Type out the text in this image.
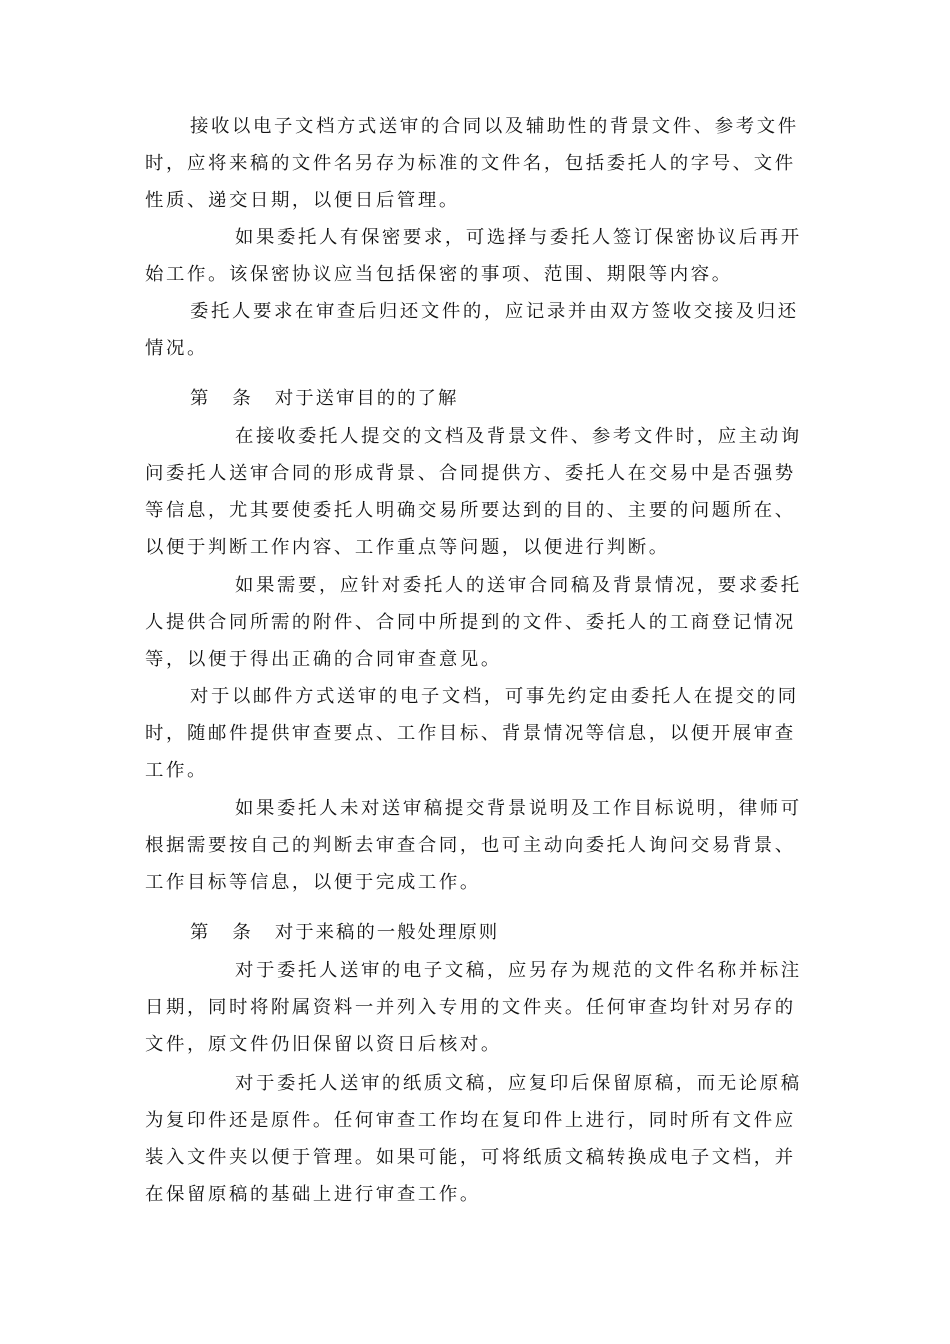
接收以电子文档方式送审的合同以及辅助性的背景文件、参考文件
时，应将来稿的文件名另存为标准的文件名，包括委托人的字号、文件
性质、递交日期，以便日后管理。
如果委托人有保密要求，可选择与委托人签订保密协议后再开
始工作。该保密协议应当包括保密的事项、范围、期限等内容。
委托人要求在审查后归还文件的，应记录并由双方签收交接及归还
情况。
第 条 对于送审目的的了解
在接收委托人提交的文档及背景文件、参考文件时，应主动询
问委托人送审合同的形成背景、合同提供方、委托人在交易中是否强势
等信息，尤其要使委托人明确交易所要达到的目的、主要的问题所在、
以便于判断工作内容、工作重点等问题，以便进行判断。
如果需要，应针对委托人的送审合同稿及背景情况，要求委托
人提供合同所需的附件、合同中所提到的文件、委托人的工商登记情况
等，以便于得出正确的合同审查意见。
对于以邮件方式送审的电子文档，可事先约定由委托人在提交的同
时，随邮件提供审查要点、工作目标、背景情况等信息，以便开展审查
工作。
如果委托人未对送审稿提交背景说明及工作目标说明，律师可
根据需要按自己的判断去审查合同，也可主动向委托人询问交易背景、
工作目标等信息，以便于完成工作。
第 条 对于来稿的一般处理原则
对于委托人送审的电子文稿，应另存为规范的文件名称并标注
日期，同时将附属资料一并列入专用的文件夹。任何审查均针对另存的
文件，原文件仍旧保留以资日后核对。
对于委托人送审的纸质文稿，应复印后保留原稿，而无论原稿
为复印件还是原件。任何审查工作均在复印件上进行，同时所有文件应
装入文件夹以便于管理。如果可能，可将纸质文稿转换成电子文档，并
在保留原稿的基础上进行审查工作。
